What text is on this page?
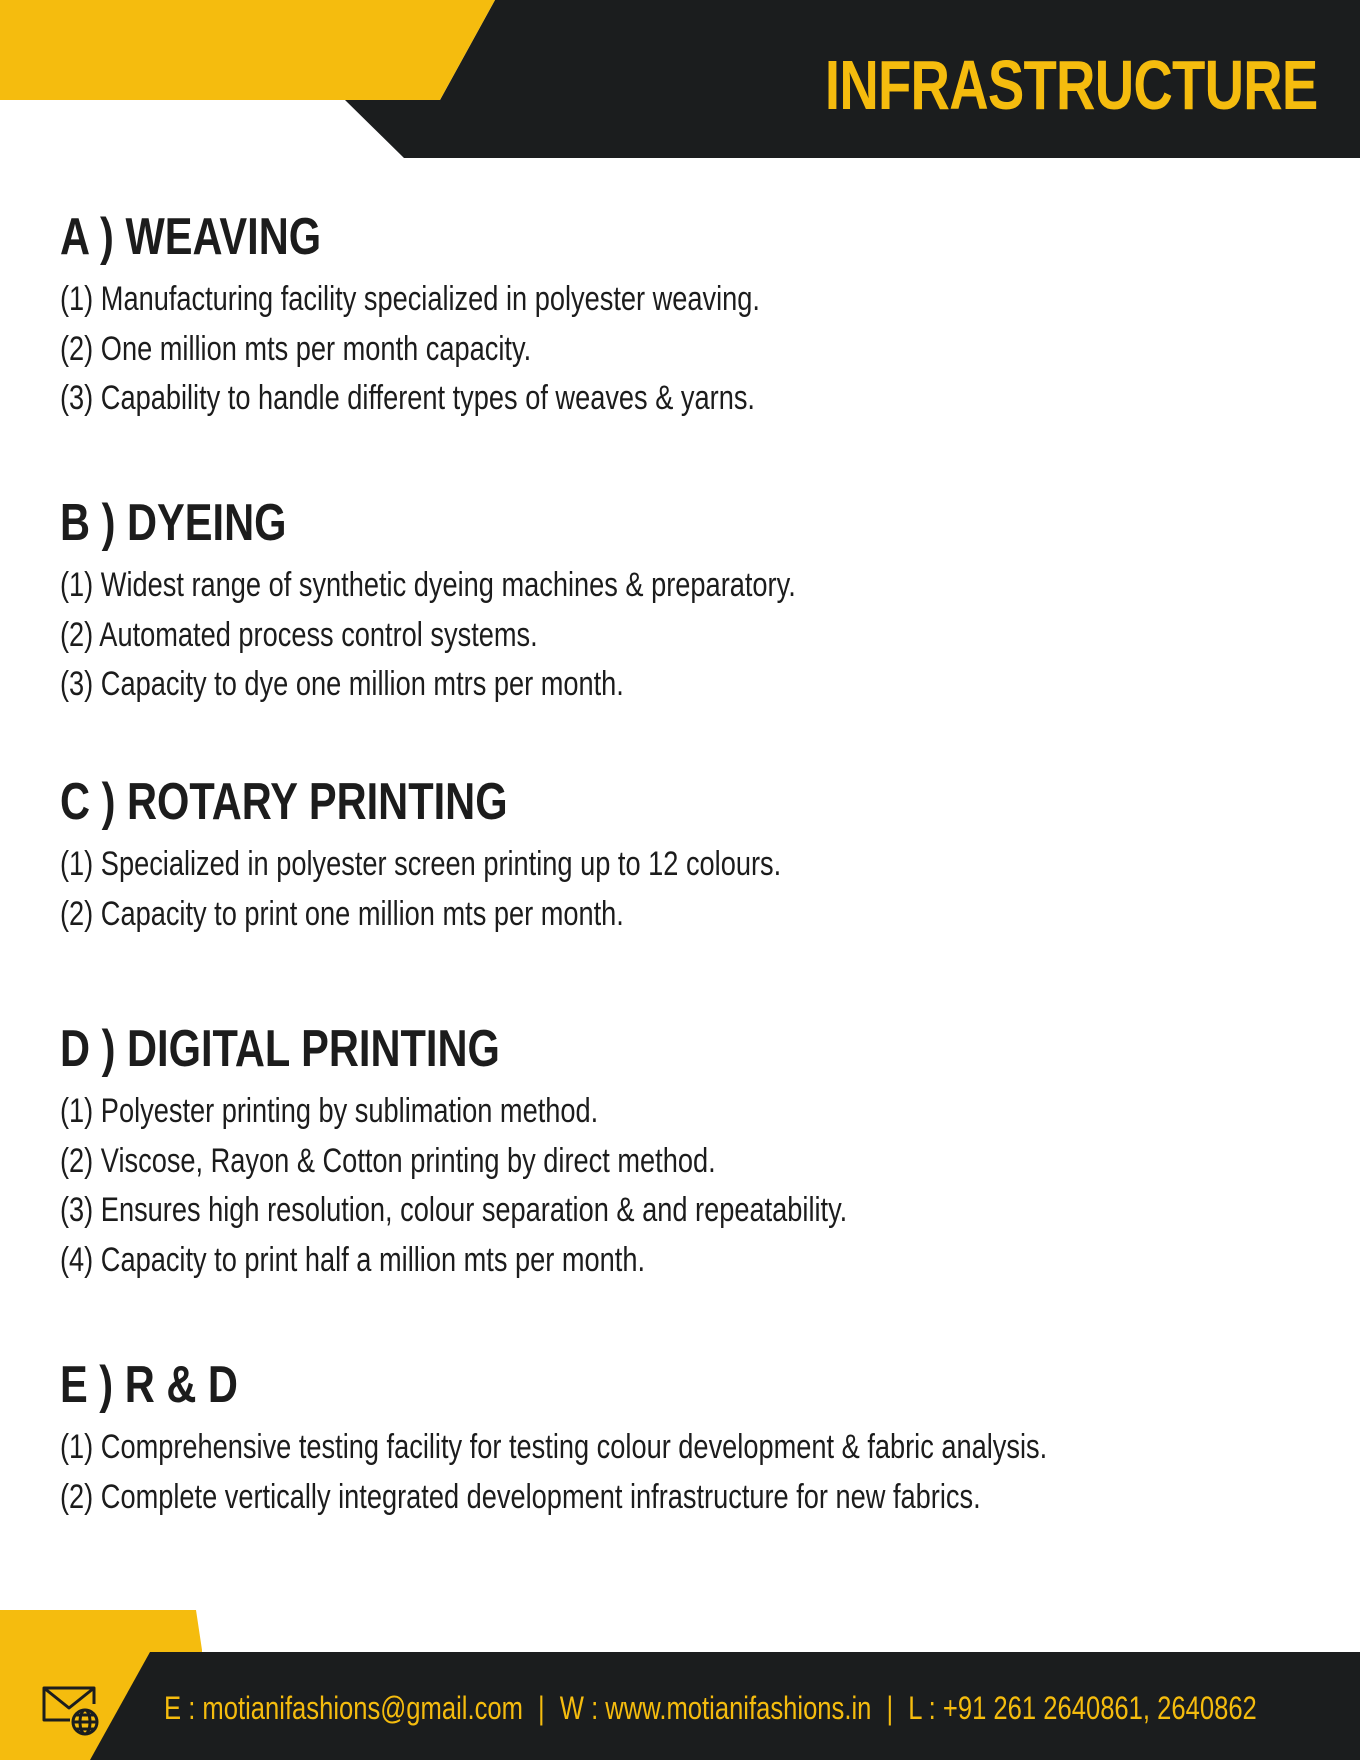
INFRASTRUCTURE
A ) WEAVING
(1) Manufacturing facility specialized in polyester weaving.
(2) One million mts per month capacity.
(3) Capability to handle different types of weaves & yarns.
B ) DYEING
(1) Widest range of synthetic dyeing machines & preparatory.
(2) Automated process control systems.
(3) Capacity to dye one million mtrs per month.
C ) ROTARY PRINTING
(1) Specialized in polyester screen printing up to 12 colours.
(2) Capacity to print one million mts per month.
D ) DIGITAL PRINTING
(1) Polyester printing by sublimation method.
(2) Viscose, Rayon & Cotton printing by direct method.
(3) Ensures high resolution, colour separation & and repeatability.
(4) Capacity to print half a million mts per month.
E ) R & D
(1) Comprehensive testing facility for testing colour development & fabric analysis.
(2) Complete vertically integrated development infrastructure for new fabrics.
E : motianifashions@gmail.com | W : www.motianifashions.in | L : +91 261 2640861, 2640862
